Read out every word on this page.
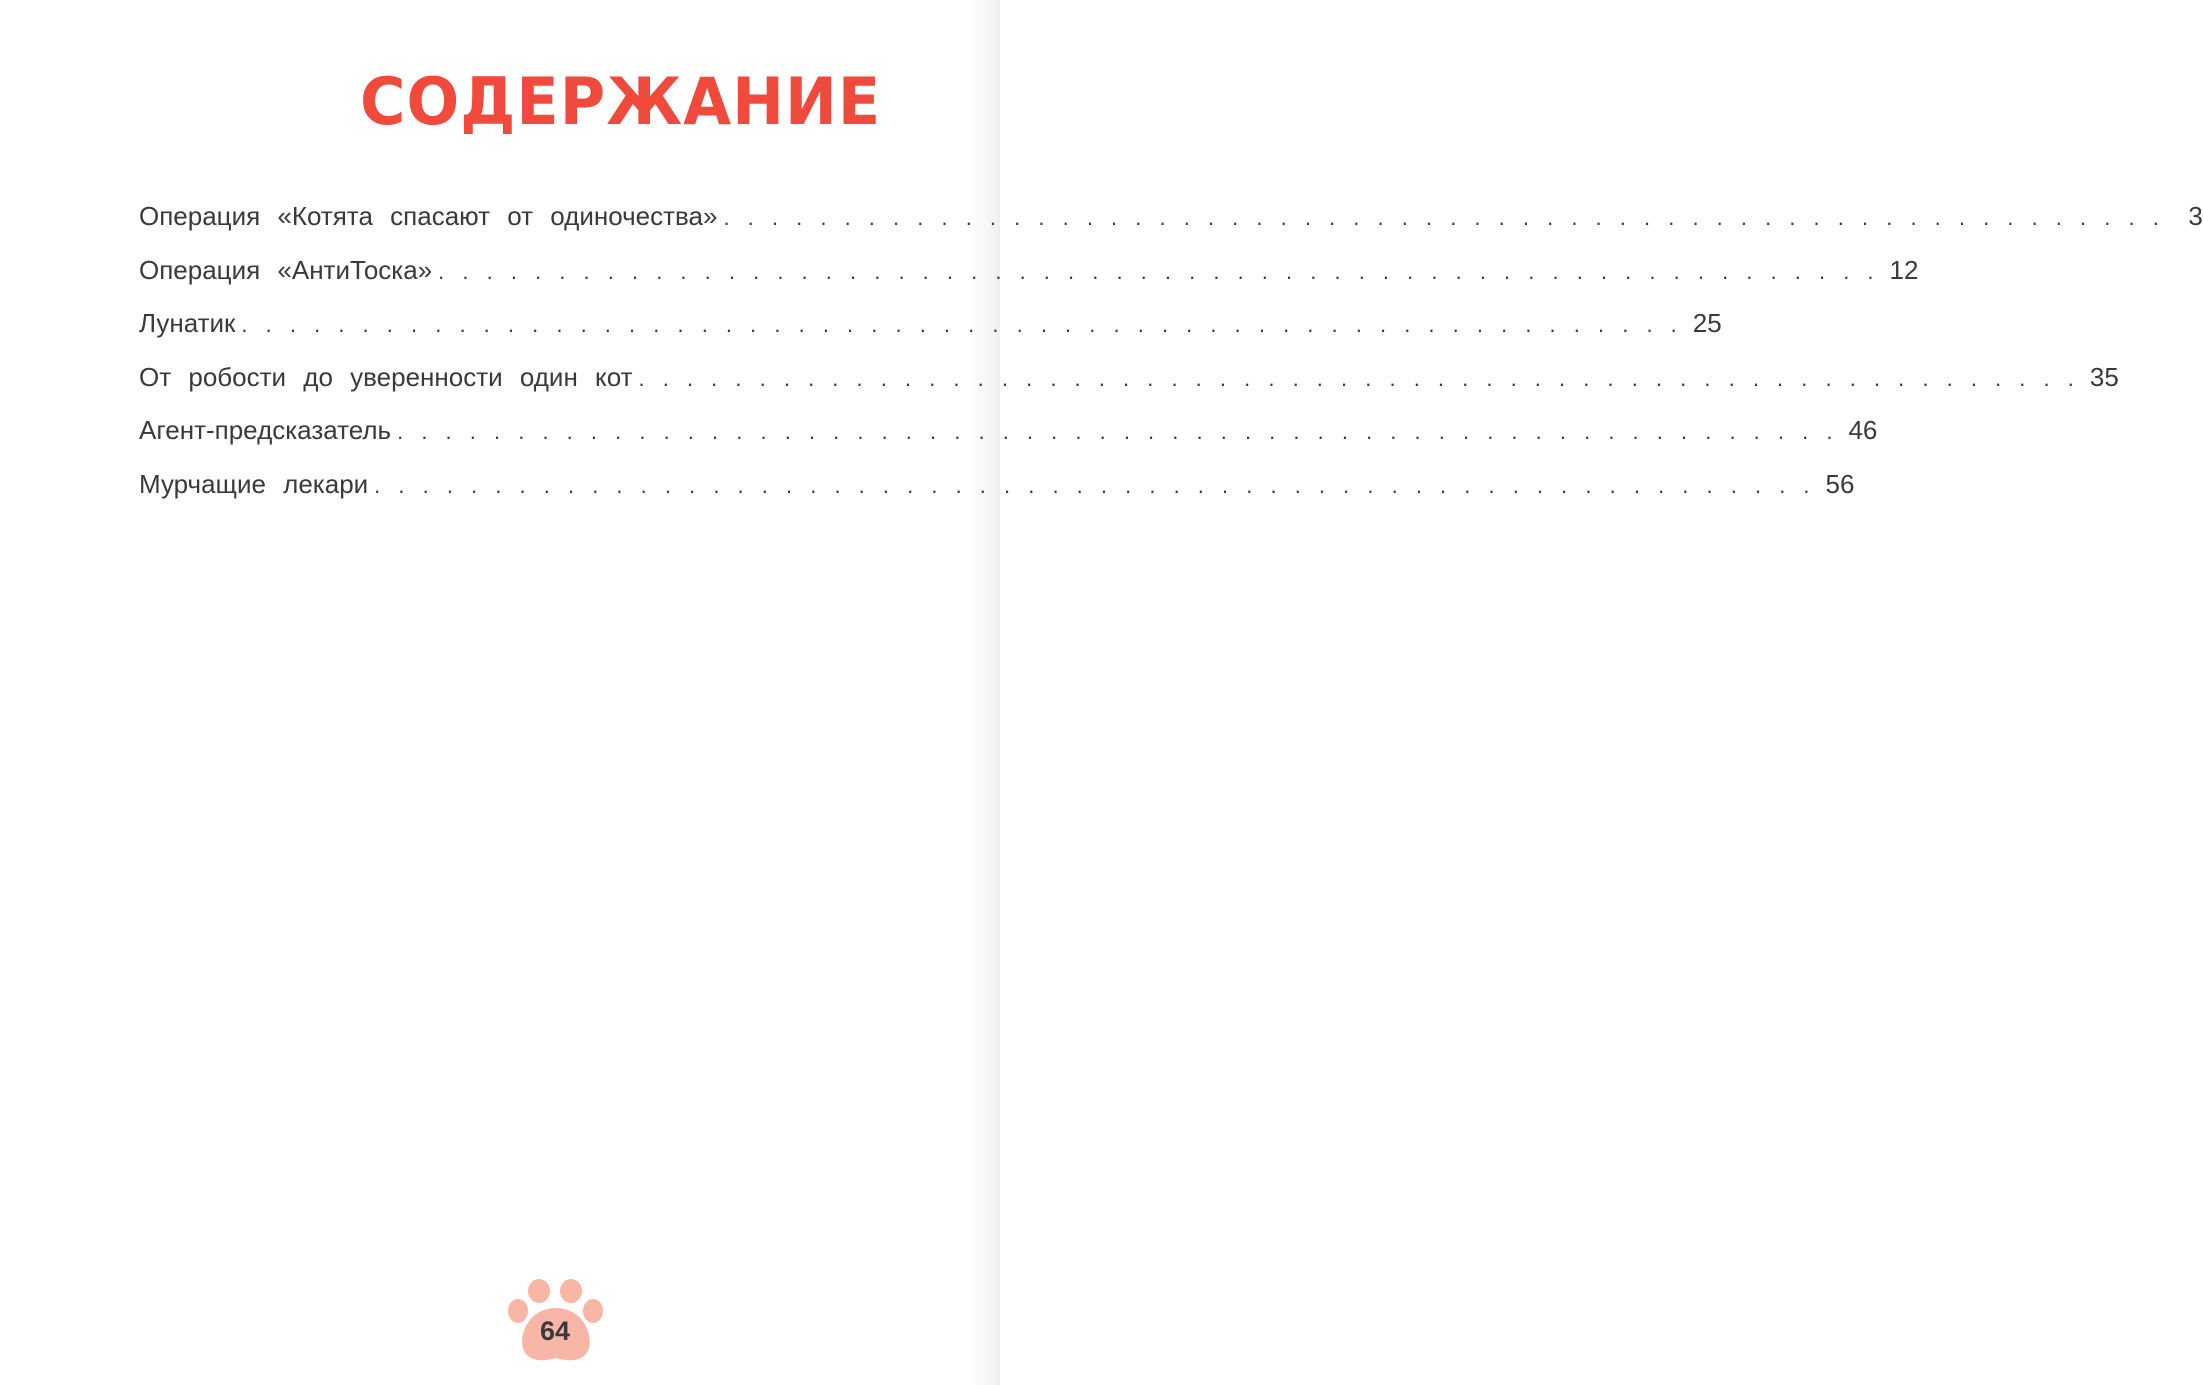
СОДЕРЖАНИЕ
Операция «Котята спасают от одиночества» . . . . . . . . . . . . . . . . . . . . . . . . . . . . . . . . . . . . . . . . . . . . . . . . . . . . . . . . . . . . 3
Операция «АнтиТоска» . . . . . . . . . . . . . . . . . . . . . . . . . . . . . . . . . . . . . . . . . . . . . . . . . . . . . . . . . . . . 12
Лунатик . . . . . . . . . . . . . . . . . . . . . . . . . . . . . . . . . . . . . . . . . . . . . . . . . . . . . . . . . . . . 25
От робости до уверенности один кот . . . . . . . . . . . . . . . . . . . . . . . . . . . . . . . . . . . . . . . . . . . . . . . . . . . . . . . . . . . . 35
Агент-предсказатель . . . . . . . . . . . . . . . . . . . . . . . . . . . . . . . . . . . . . . . . . . . . . . . . . . . . . . . . . . . . 46
Мурчащие лекари . . . . . . . . . . . . . . . . . . . . . . . . . . . . . . . . . . . . . . . . . . . . . . . . . . . . . . . . . . . . 56
64
